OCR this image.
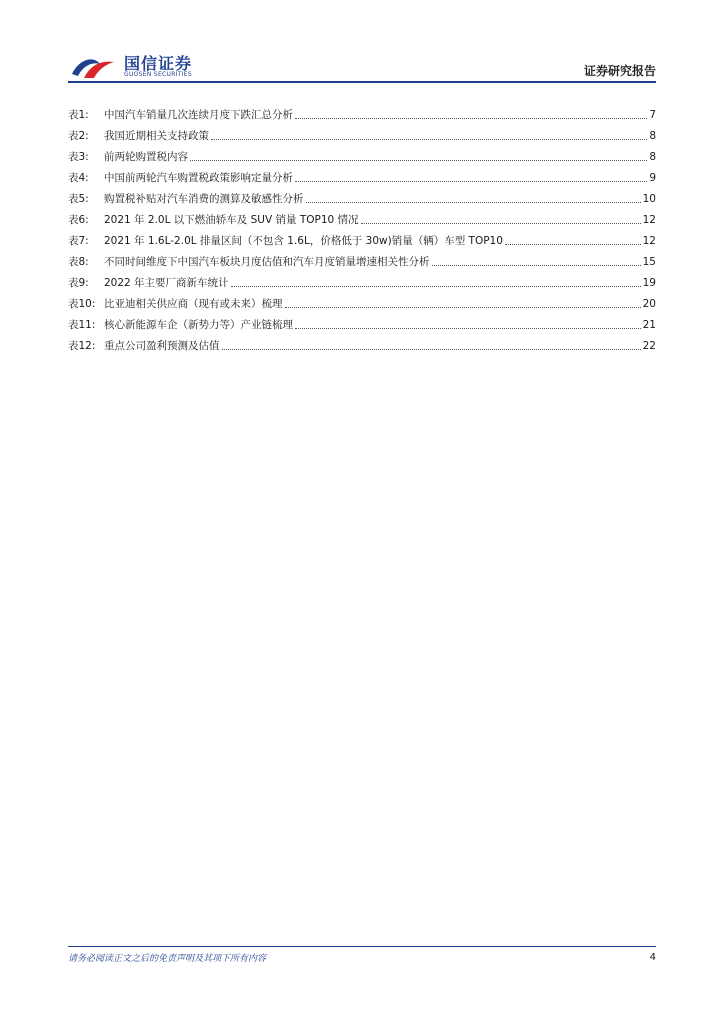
国信证券
GUOSEN SECURITIES	证券研究报告
表1:	中国汽车销量几次连续月度下跌汇总分析	7
表2:	我国近期相关支持政策	8
表3:	前两轮购置税内容	8
表4:	中国前两轮汽车购置税政策影响定量分析	9
表5:	购置税补贴对汽车消费的测算及敏感性分析	10
表6:	2021 年 2.0L 以下燃油轿车及 SUV 销量 TOP10 情况	12
表7:	2021 年 1.6L-2.0L 排量区间（不包含 1.6L，价格低于 30w)销量（辆）车型 TOP10	12
表8:	不同时间维度下中国汽车板块月度估值和汽车月度销量增速相关性分析	15
表9:	2022 年主要厂商新车统计	19
表10: 比亚迪相关供应商（现有或未来）梳理	20
表11: 核心新能源车企（新势力等）产业链梳理	21
表12: 重点公司盈利预测及估值	22
请务必阅读正文之后的免责声明及其项下所有内容	4
